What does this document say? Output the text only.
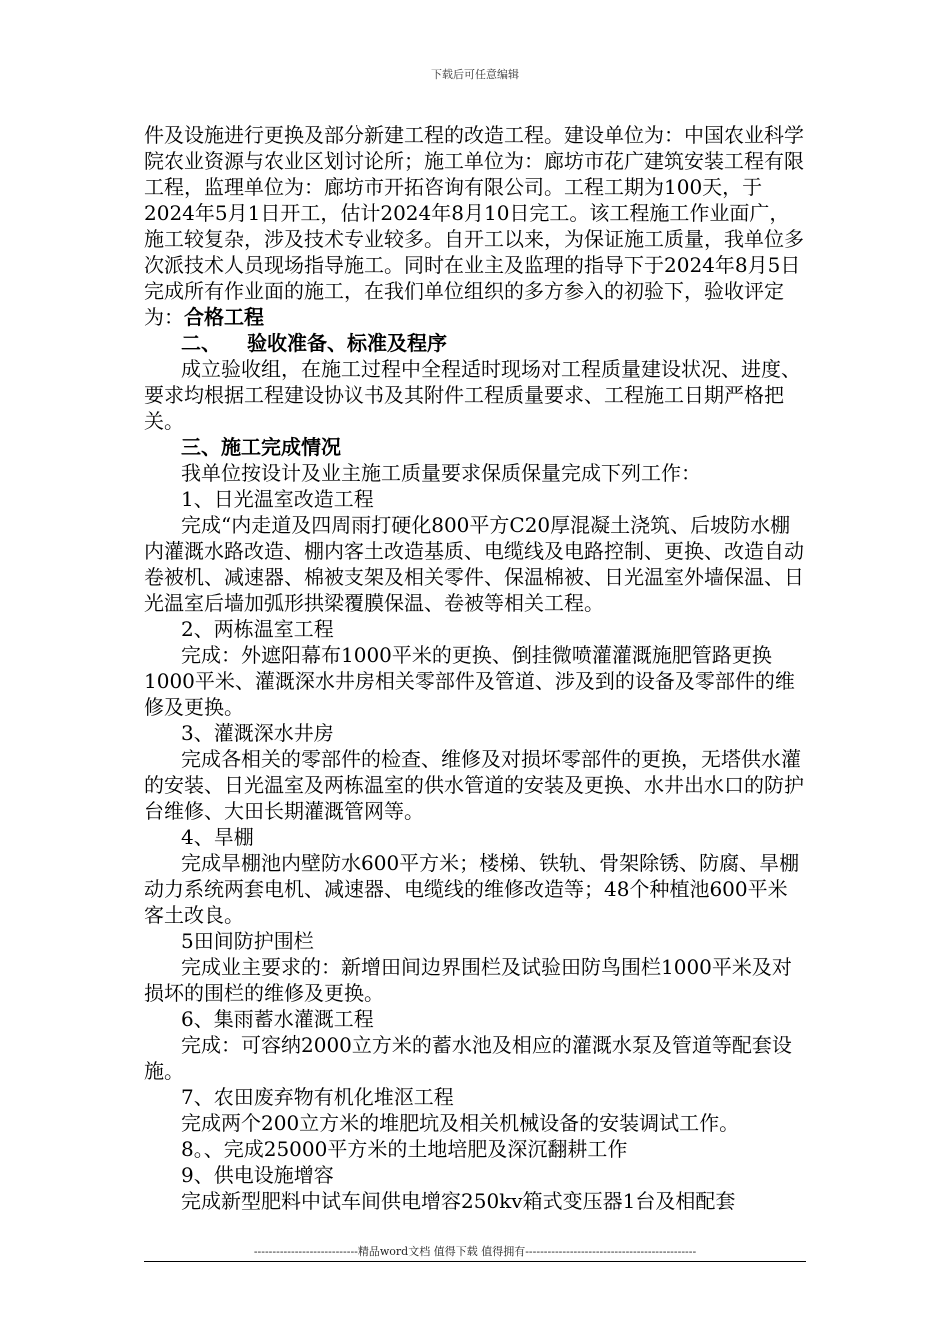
下载后可任意编辑

件及设施进行更换及部分新建工程的改造工程。建设单位为：中国农业科学院农业资源与农业区划讨论所；施工单位为：廊坊市花广建筑安装工程有限工程，监理单位为：廊坊市开拓咨询有限公司。工程工期为100天，于2024年5月1日开工，估计2024年8月10日完工。该工程施工作业面广，施工较复杂，涉及技术专业较多。自开工以来，为保证施工质量，我单位多次派技术人员现场指导施工。同时在业主及监理的指导下于2024年8月5日完成所有作业面的施工，在我们单位组织的多方参入的初验下，验收评定为：合格工程

二、 验收准备、标准及程序

成立验收组，在施工过程中全程适时现场对工程质量建设状况、进度、要求均根据工程建设协议书及其附件工程质量要求、工程施工日期严格把关。

三、施工完成情况

我单位按设计及业主施工质量要求保质保量完成下列工作：

1、日光温室改造工程

完成“内走道及四周雨打硬化800平方C20厚混凝土浇筑、后坡防水棚内灌溉水路改造、棚内客土改造基质、电缆线及电路控制、更换、改造自动卷被机、减速器、棉被支架及相关零件、保温棉被、日光温室外墙保温、日光温室后墙加弧形拱梁覆膜保温、卷被等相关工程。

2、两栋温室工程

完成：外遮阳幕布1000平米的更换、倒挂微喷灌灌溉施肥管路更换1000平米、灌溉深水井房相关零部件及管道、涉及到的设备及零部件的维修及更换。

3、灌溉深水井房

完成各相关的零部件的检查、维修及对损坏零部件的更换，无塔供水灌的安装、日光温室及两栋温室的供水管道的安装及更换、水井出水口的防护台维修、大田长期灌溉管网等。

4、旱棚

完成旱棚池内壁防水600平方米；楼梯、铁轨、骨架除锈、防腐、旱棚动力系统两套电机、减速器、电缆线的维修改造等；48个种植池600平米客土改良。

5田间防护围栏

完成业主要求的：新增田间边界围栏及试验田防鸟围栏1000平米及对损坏的围栏的维修及更换。

6、集雨蓄水灌溉工程

完成：可容纳2000立方米的蓄水池及相应的灌溉水泵及管道等配套设施。

7、农田废弃物有机化堆沤工程

完成两个200立方米的堆肥坑及相关机械设备的安装调试工作。

8。、完成25000平方米的土地培肥及深沉翻耕工作

9、供电设施增容

完成新型肥料中试车间供电增容250kv箱式变压器1台及相配套

----------------------------精品word文档 值得下载 值得拥有----------------------------------------------
